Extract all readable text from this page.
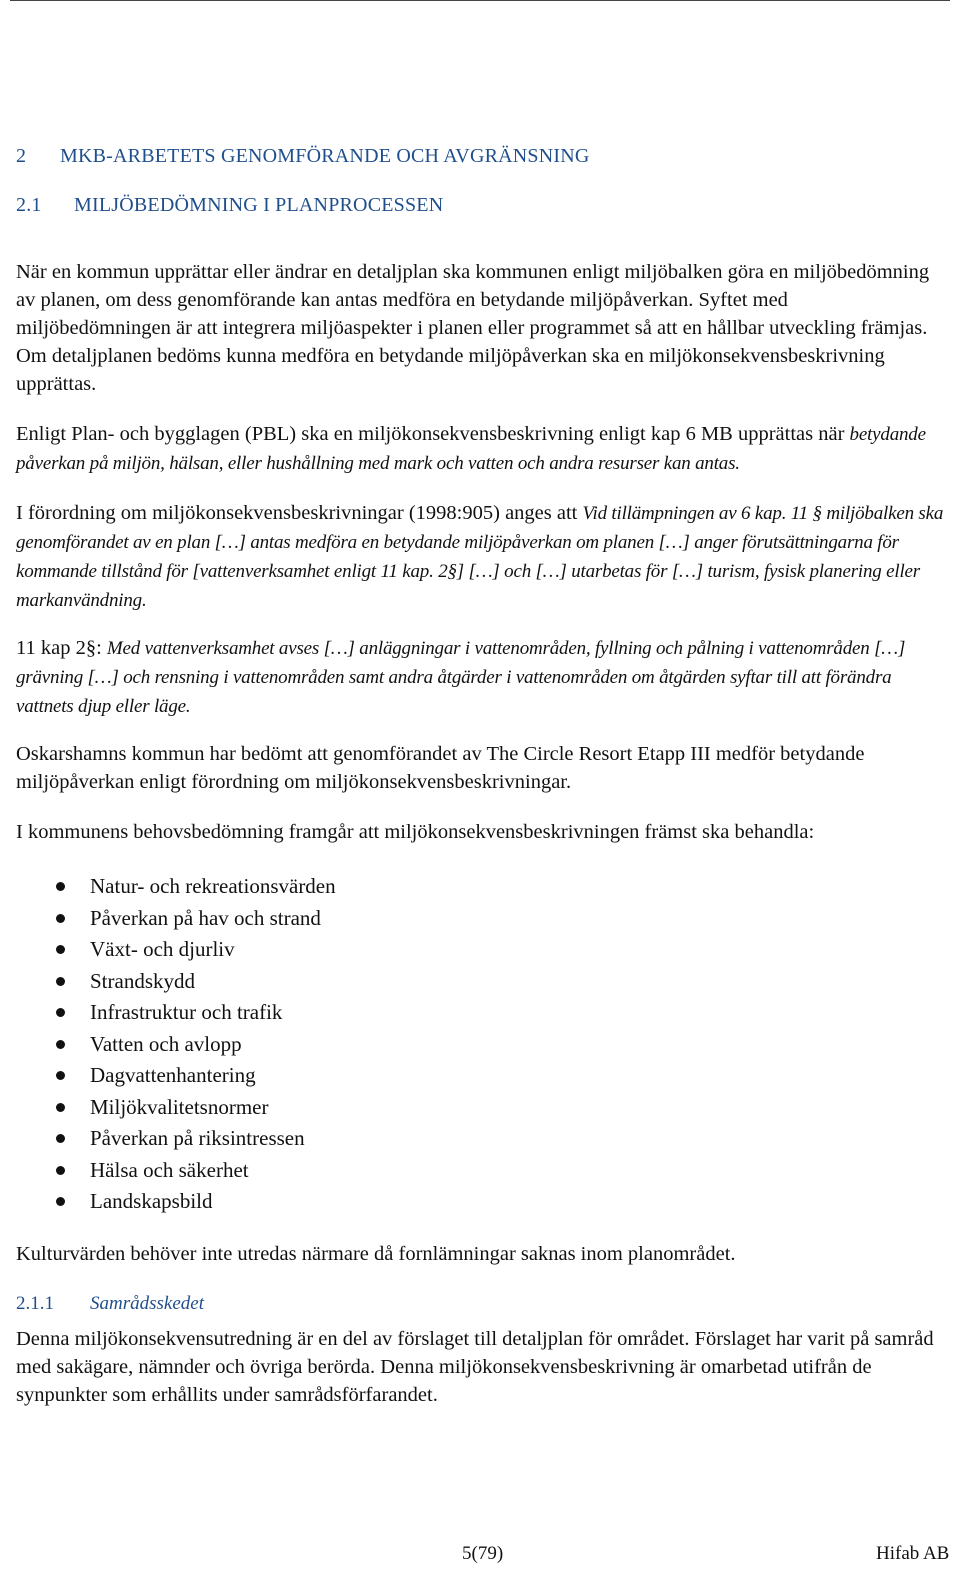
2 MKB-ARBETETS GENOMFÖRANDE OCH AVGRÄNSNING

2.1 MILJÖBEDÖMNING I PLANPROCESSEN

När en kommun upprättar eller ändrar en detaljplan ska kommunen enligt miljöbalken göra en miljöbedömning av planen, om dess genomförande kan antas medföra en betydande miljöpåverkan. Syftet med miljöbedömningen är att integrera miljöaspekter i planen eller programmet så att en hållbar utveckling främjas. Om detaljplanen bedöms kunna medföra en betydande miljöpåverkan ska en miljökonsekvensbeskrivning upprättas.

Enligt Plan- och bygglagen (PBL) ska en miljökonsekvensbeskrivning enligt kap 6 MB upprättas när betydande påverkan på miljön, hälsan, eller hushållning med mark och vatten och andra resurser kan antas.

I förordning om miljökonsekvensbeskrivningar (1998:905) anges att Vid tillämpningen av 6 kap. 11 § miljöbalken ska genomförandet av en plan […] antas medföra en betydande miljöpåverkan om planen […] anger förutsättningarna för kommande tillstånd för [vattenverksamhet enligt 11 kap. 2§] […] och […] utarbetas för […] turism, fysisk planering eller markanvändning.

11 kap 2§: Med vattenverksamhet avses […] anläggningar i vattenområden, fyllning och pålning i vattenområden […] grävning […] och rensning i vattenområden samt andra åtgärder i vattenområden om åtgärden syftar till att förändra vattnets djup eller läge.

Oskarshamns kommun har bedömt att genomförandet av The Circle Resort Etapp III medför betydande miljöpåverkan enligt förordning om miljökonsekvensbeskrivningar.

I kommunens behovsbedömning framgår att miljökonsekvensbeskrivningen främst ska behandla:

Natur- och rekreationsvärden
Påverkan på hav och strand
Växt- och djurliv
Strandskydd
Infrastruktur och trafik
Vatten och avlopp
Dagvattenhantering
Miljökvalitetsnormer
Påverkan på riksintressen
Hälsa och säkerhet
Landskapsbild

Kulturvärden behöver inte utredas närmare då fornlämningar saknas inom planområdet.

2.1.1 Samrådsskedet

Denna miljökonsekvensutredning är en del av förslaget till detaljplan för området. Förslaget har varit på samråd med sakägare, nämnder och övriga berörda. Denna miljökonsekvensbeskrivning är omarbetad utifrån de synpunkter som erhållits under samrådsförfarandet.

5(79)	Hifab AB
